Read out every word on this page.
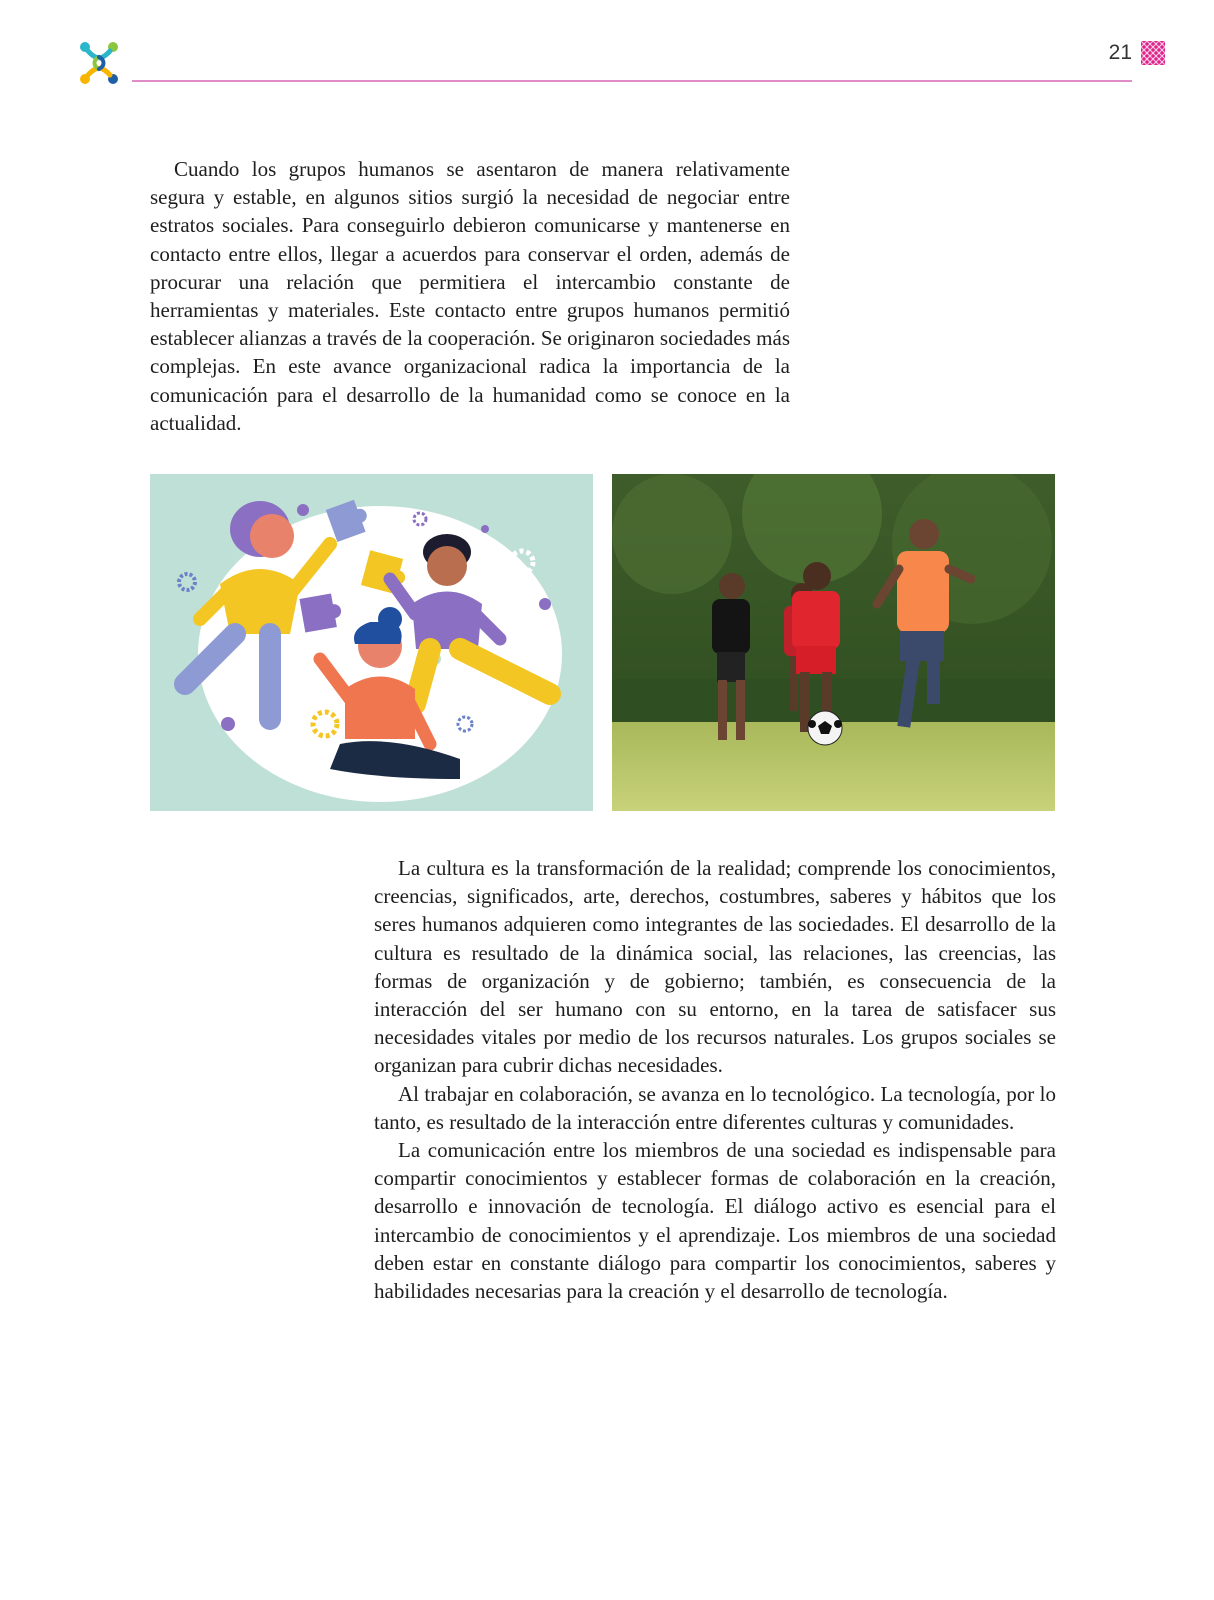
21

Cuando los grupos humanos se asentaron de manera relativamente segura y estable, en algunos sitios surgió la necesidad de negociar entre estratos sociales. Para conseguirlo debieron comunicarse y mantenerse en contacto entre ellos, llegar a acuerdos para conservar el orden, además de procurar una relación que permitiera el intercambio constante de herramientas y materiales. Este contacto entre grupos humanos permitió establecer alianzas a través de la cooperación. Se originaron sociedades más complejas. En este avance organizacional radica la importancia de la comunicación para el desarrollo de la humanidad como se conoce en la actualidad.

La cultura es la transformación de la realidad; comprende los conocimientos, creencias, significados, arte, derechos, costumbres, saberes y hábitos que los seres humanos adquieren como integrantes de las sociedades. El desarrollo de la cultura es resultado de la dinámica social, las relaciones, las creencias, las formas de organización y de gobierno; también, es consecuencia de la interacción del ser humano con su entorno, en la tarea de satisfacer sus necesidades vitales por medio de los recursos naturales. Los grupos sociales se organizan para cubrir dichas necesidades.

Al trabajar en colaboración, se avanza en lo tecnológico. La tecnología, por lo tanto, es resultado de la interacción entre diferentes culturas y comunidades.

La comunicación entre los miembros de una sociedad es indispensable para compartir conocimientos y establecer formas de colaboración en la creación, desarrollo e innovación de tecnología. El diálogo activo es esencial para el intercambio de conocimientos y el aprendizaje. Los miembros de una sociedad deben estar en constante diálogo para compartir los conocimientos, saberes y habilidades necesarias para la creación y el desarrollo de tecnología.
